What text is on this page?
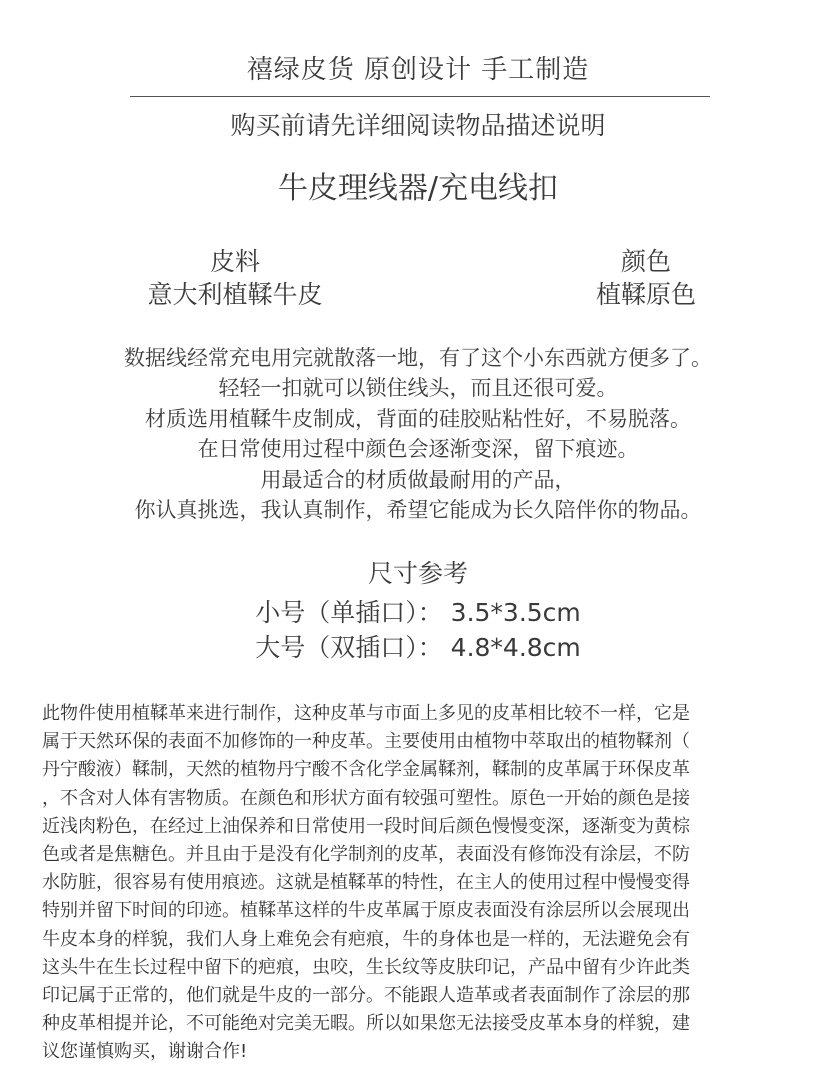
禧绿皮货 原创设计 手工制造
购买前请先详细阅读物品描述说明
牛皮理线器/充电线扣
皮料
意大利植鞣牛皮
颜色
植鞣原色
数据线经常充电用完就散落一地，有了这个小东西就方便多了。
轻轻一扣就可以锁住线头，而且还很可爱。
材质选用植鞣牛皮制成，背面的硅胶贴粘性好，不易脱落。
在日常使用过程中颜色会逐渐变深，留下痕迹。
用最适合的材质做最耐用的产品，
你认真挑选，我认真制作，希望它能成为长久陪伴你的物品。
尺寸参考
小号（单插口）： 3.5*3.5cm
大号（双插口）： 4.8*4.8cm
此物件使用植鞣革来进行制作，这种皮革与市面上多见的皮革相比较不一样，它是
属于天然环保的表面不加修饰的一种皮革。主要使用由植物中萃取出的植物鞣剂（
丹宁酸液）鞣制，天然的植物丹宁酸不含化学金属鞣剂，鞣制的皮革属于环保皮革
，不含对人体有害物质。在颜色和形状方面有较强可塑性。原色一开始的颜色是接
近浅肉粉色，在经过上油保养和日常使用一段时间后颜色慢慢变深，逐渐变为黄棕
色或者是焦糖色。并且由于是没有化学制剂的皮革，表面没有修饰没有涂层，不防
水防脏，很容易有使用痕迹。这就是植鞣革的特性，在主人的使用过程中慢慢变得
特别并留下时间的印迹。植鞣革这样的牛皮革属于原皮表面没有涂层所以会展现出
牛皮本身的样貌，我们人身上难免会有疤痕，牛的身体也是一样的，无法避免会有
这头牛在生长过程中留下的疤痕，虫咬，生长纹等皮肤印记，产品中留有少许此类
印记属于正常的，他们就是牛皮的一部分。不能跟人造革或者表面制作了涂层的那
种皮革相提并论，不可能绝对完美无暇。所以如果您无法接受皮革本身的样貌，建
议您谨慎购买，谢谢合作!
